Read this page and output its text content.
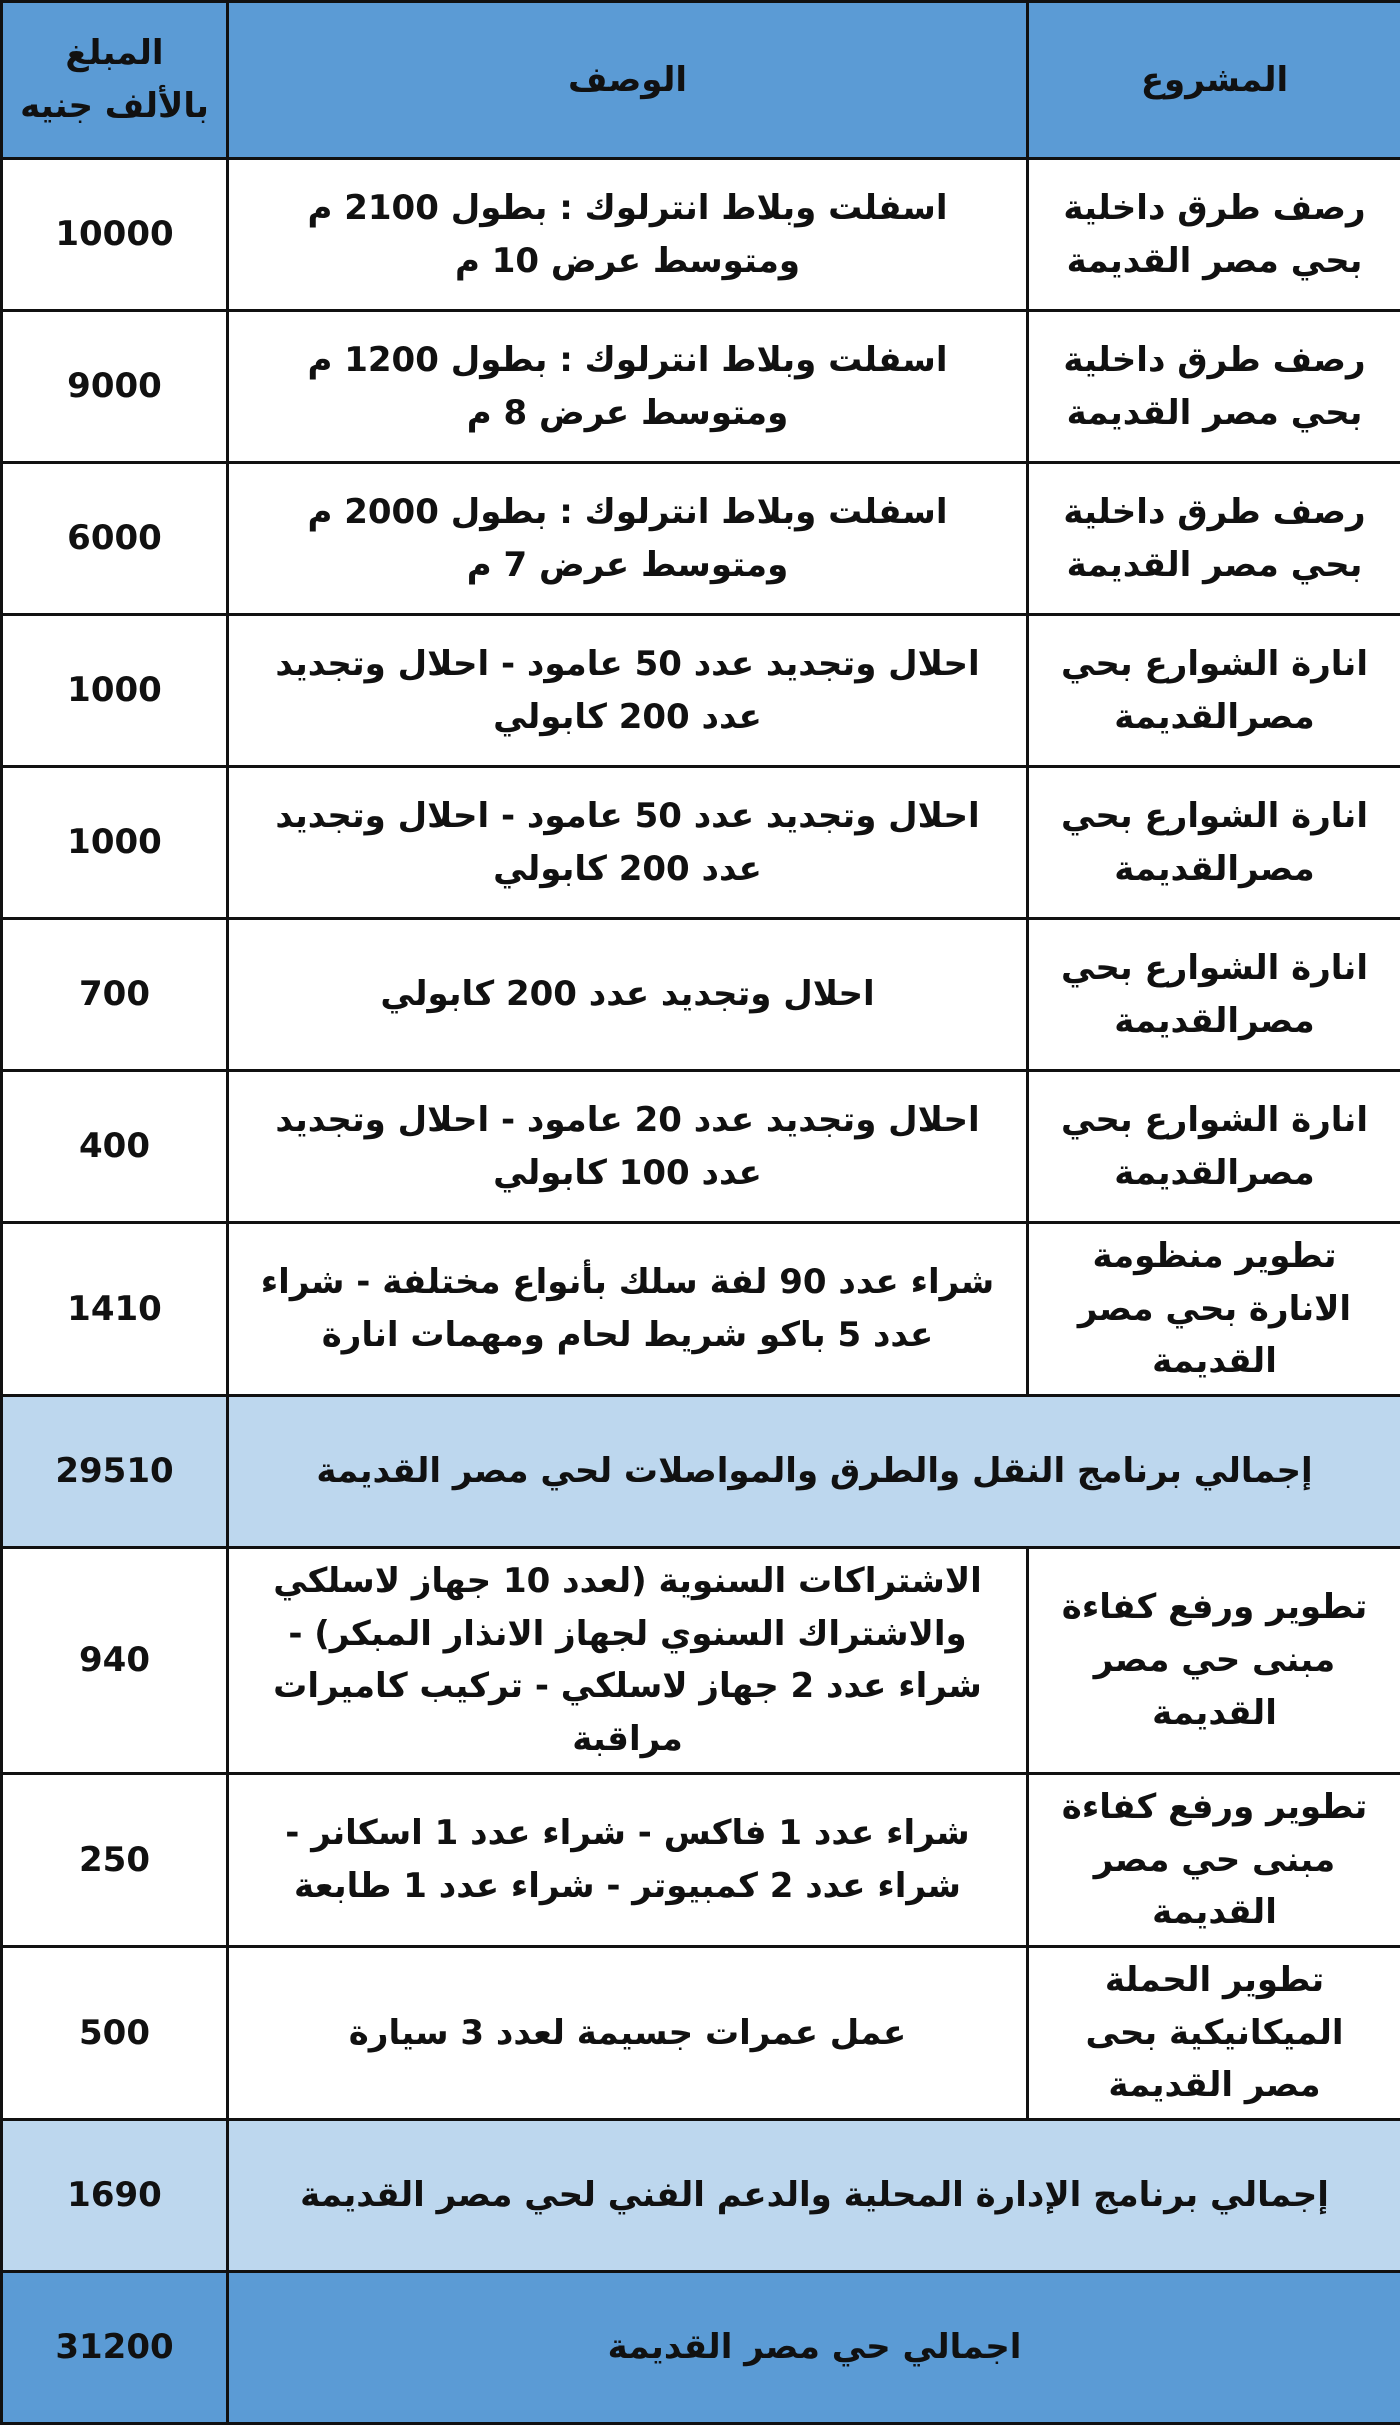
المشروع	الوصف	المبلغ بالألف جنيه
رصف طرق داخلية بحي مصر القديمة	اسفلت وبلاط انترلوك : بطول 2100 م ومتوسط عرض 10 م	10000
رصف طرق داخلية بحي مصر القديمة	اسفلت وبلاط انترلوك : بطول 1200 م ومتوسط عرض 8 م	9000
رصف طرق داخلية بحي مصر القديمة	اسفلت وبلاط انترلوك : بطول 2000 م ومتوسط عرض 7 م	6000
انارة الشوارع بحي مصرالقديمة	احلال وتجديد عدد 50 عامود - احلال وتجديد عدد 200 كابولي	1000
انارة الشوارع بحي مصرالقديمة	احلال وتجديد عدد 50 عامود - احلال وتجديد عدد 200 كابولي	1000
انارة الشوارع بحي مصرالقديمة	احلال وتجديد عدد 200 كابولي	700
انارة الشوارع بحي مصرالقديمة	احلال وتجديد عدد 20 عامود - احلال وتجديد عدد 100 كابولي	400
تطوير منظومة الانارة بحي مصر القديمة	شراء عدد 90 لفة سلك بأنواع مختلفة - شراء عدد 5 باكو شريط لحام ومهمات انارة	1410
إجمالي برنامج النقل والطرق والمواصلات لحي مصر القديمة		29510
تطوير ورفع كفاءة مبنى حي مصر القديمة	الاشتراكات السنوية (لعدد 10 جهاز لاسلكي والاشتراك السنوي لجهاز الانذار المبكر) - شراء عدد 2 جهاز لاسلكي - تركيب كاميرات مراقبة	940
تطوير ورفع كفاءة مبنى حي مصر القديمة	شراء عدد 1 فاكس - شراء عدد 1 اسكانر - شراء عدد 2 كمبيوتر - شراء عدد 1 طابعة	250
تطوير الحملة الميكانيكية بحى مصر القديمة	عمل عمرات جسيمة لعدد 3 سيارة	500
إجمالي برنامج الإدارة المحلية والدعم الفني لحي مصر القديمة		1690
اجمالي حي مصر القديمة		31200
